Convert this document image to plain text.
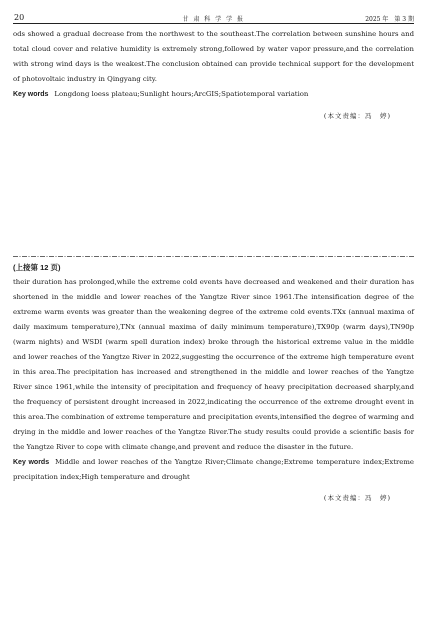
20	甘 肃 科 学 学 报	2025 年　第 3 期

ods showed a gradual decrease from the northwest to the southeast.The correlation between sunshine hours and total cloud cover and relative humidity is extremely strong,followed by water vapor pressure,and the correlation with strong wind days is the weakest.The conclusion obtained can provide technical support for the development of photovoltaic industry in Qingyang city.

Key words Longdong loess plateau;Sunlight hours;ArcGIS;Spatiotemporal variation

(本文责编：冯　婷)
(上接第 12 页)

their duration has prolonged,while the extreme cold events have decreased and weakened and their duration has shortened in the middle and lower reaches of the Yangtze River since 1961.The intensification degree of the extreme warm events was greater than the weakening degree of the extreme cold events.TXx (annual maxima of daily maximum temperature),TNx (annual maxima of daily minimum temperature),TX90p (warm days),TN90p (warm nights) and WSDI (warm spell duration index) broke through the historical extreme value in the middle and lower reaches of the Yangtze River in 2022,suggesting the occurrence of the extreme high temperature event in this area.The precipitation has increased and strengthened in the middle and lower reaches of the Yangtze River since 1961,while the intensity of precipitation and frequency of heavy precipitation decreased sharply,and the frequency of persistent drought increased in 2022,indicating the occurrence of the extreme drought event in this area.The combination of extreme temperature and precipitation events,intensified the degree of warming and drying in the middle and lower reaches of the Yangtze River.The study results could provide a scientific basis for the Yangtze River to cope with climate change,and prevent and reduce the disaster in the future.

Key words Middle and lower reaches of the Yangtze River;Climate change;Extreme temperature index;Extreme precipitation index;High temperature and drought

(本文责编：冯　婷)
